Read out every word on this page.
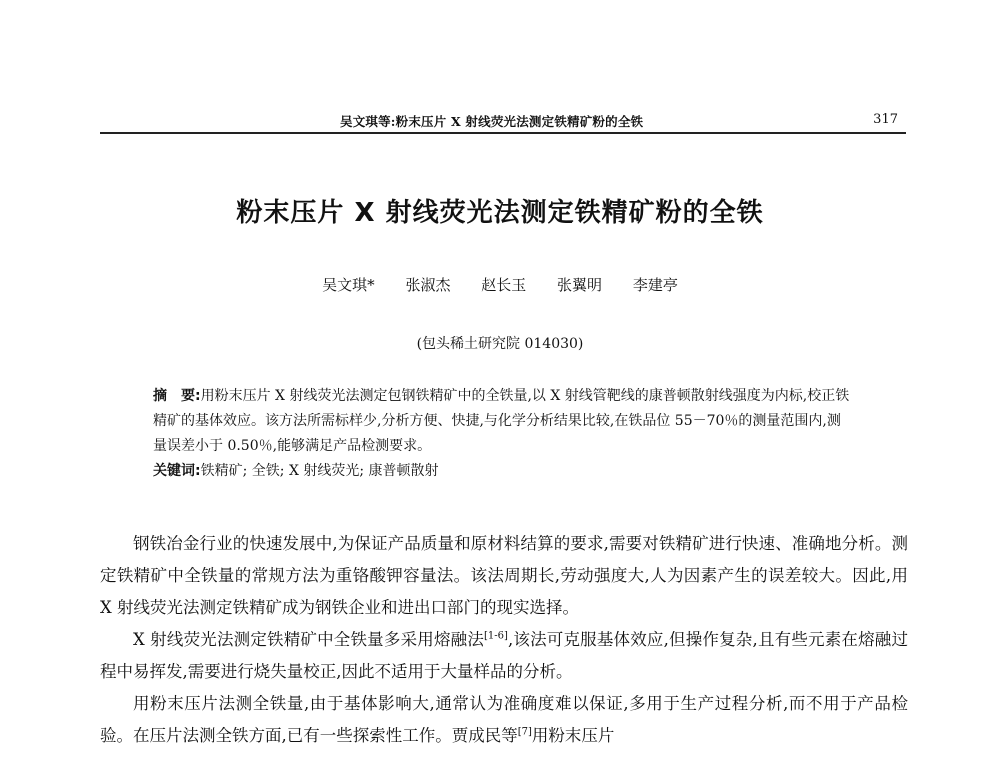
吴文琪等:粉末压片 X 射线荧光法测定铁精矿粉的全铁	317
粉末压片 X 射线荧光法测定铁精矿粉的全铁
吴文琪* 张淑杰 赵长玉 张翼明 李建亭
(包头稀土研究院 014030)
摘　要:用粉末压片 X 射线荧光法测定包钢铁精矿中的全铁量,以 X 射线管靶线的康普顿散射线强度为内标,校正铁精矿的基体效应。该方法所需标样少,分析方便、快捷,与化学分析结果比较,在铁品位 55－70％的测量范围内,测量误差小于 0.50％,能够满足产品检测要求。
关键词:铁精矿; 全铁; X 射线荧光; 康普顿散射

钢铁冶金行业的快速发展中,为保证产品质量和原材料结算的要求,需要对铁精矿进行快速、准确地分析。测定铁精矿中全铁量的常规方法为重铬酸钾容量法。该法周期长,劳动强度大,人为因素产生的误差较大。因此,用 X 射线荧光法测定铁精矿成为钢铁企业和进出口部门的现实选择。

X 射线荧光法测定铁精矿中全铁量多采用熔融法[1-6],该法可克服基体效应,但操作复杂,且有些元素在熔融过程中易挥发,需要进行烧失量校正,因此不适用于大量样品的分析。

用粉末压片法测全铁量,由于基体影响大,通常认为准确度难以保证,多用于生产过程分析,而不用于产品检验。在压片法测全铁方面,已有一些探索性工作。贾成民等[7]用粉末压片
